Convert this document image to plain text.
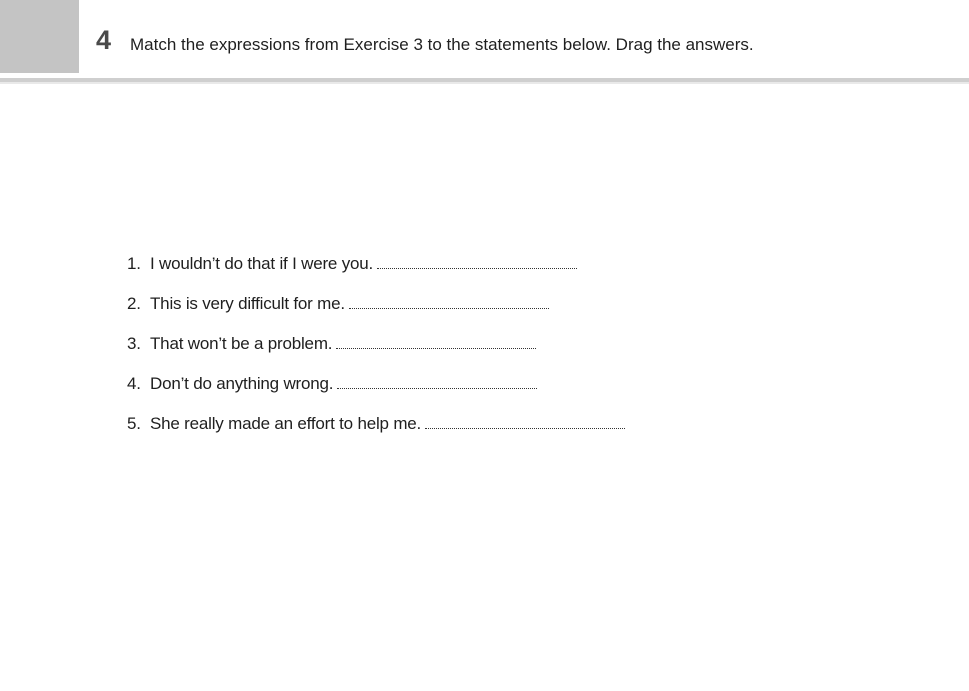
4 Match the expressions from Exercise 3 to the statements below. Drag the answers.
1. I wouldn’t do that if I were you.
2. This is very difficult for me.
3. That won’t be a problem.
4. Don’t do anything wrong.
5. She really made an effort to help me.
